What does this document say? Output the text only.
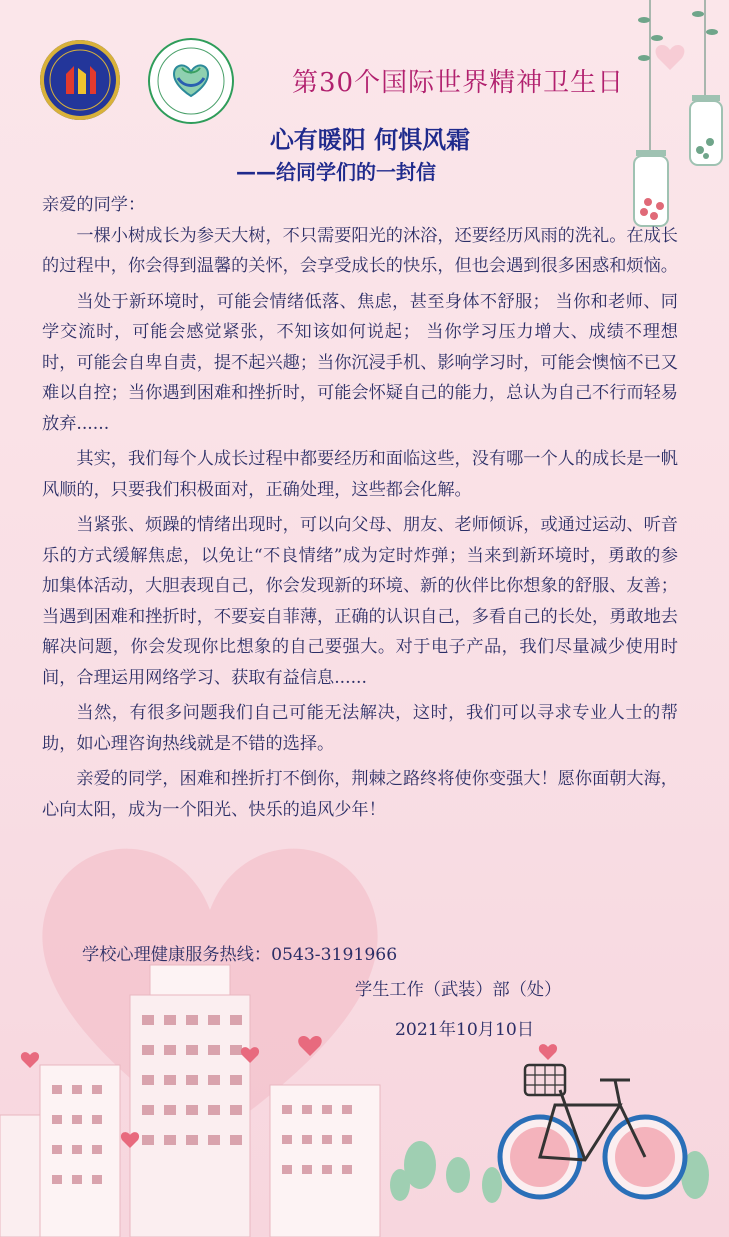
第30个国际世界精神卫生日
心有暖阳 何惧风霜
——给同学们的一封信

亲爱的同学：

一棵小树成长为参天大树，不只需要阳光的沐浴，还要经历风雨的洗礼。在成长的过程中，你会得到温馨的关怀，会享受成长的快乐，但也会遇到很多困惑和烦恼。

当处于新环境时，可能会情绪低落、焦虑，甚至身体不舒服； 当你和老师、同学交流时，可能会感觉紧张，不知该如何说起； 当你学习压力增大、成绩不理想时，可能会自卑自责，提不起兴趣；当你沉浸手机、影响学习时，可能会懊恼不已又难以自控；当你遇到困难和挫折时，可能会怀疑自己的能力，总认为自己不行而轻易放弃......

其实，我们每个人成长过程中都要经历和面临这些，没有哪一个人的成长是一帆风顺的，只要我们积极面对，正确处理，这些都会化解。

当紧张、烦躁的情绪出现时，可以向父母、朋友、老师倾诉，或通过运动、听音乐的方式缓解焦虑，以免让“不良情绪”成为定时炸弹；当来到新环境时，勇敢的参加集体活动，大胆表现自己，你会发现新的环境、新的伙伴比你想象的舒服、友善；当遇到困难和挫折时，不要妄自菲薄，正确的认识自己，多看自己的长处，勇敢地去解决问题，你会发现你比想象的自己要强大。对于电子产品，我们尽量减少使用时间，合理运用网络学习、获取有益信息......

当然，有很多问题我们自己可能无法解决，这时，我们可以寻求专业人士的帮助，如心理咨询热线就是不错的选择。

亲爱的同学，困难和挫折打不倒你，荆棘之路终将使你变强大！愿你面朝大海，心向太阳，成为一个阳光、快乐的追风少年！

学校心理健康服务热线：0543-3191966
学生工作（武装）部（处）
2021年10月10日
